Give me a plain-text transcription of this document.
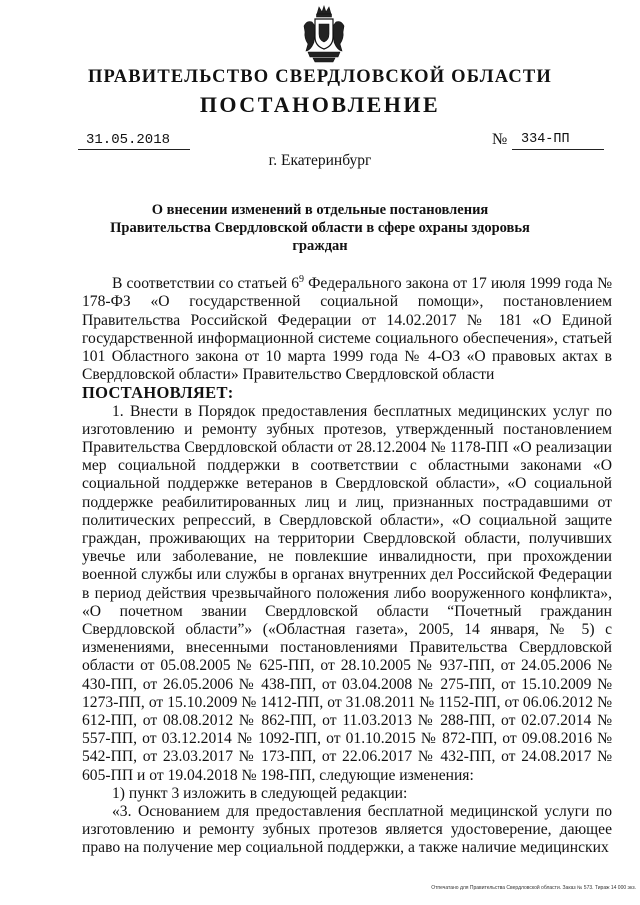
ПРАВИТЕЛЬСТВО СВЕРДЛОВСКОЙ ОБЛАСТИ
ПОСТАНОВЛЕНИЕ
31.05.2018	№ 334-ПП
г. Екатеринбург
О внесении изменений в отдельные постановления
Правительства Свердловской области в сфере охраны здоровья граждан

В соответствии со статьей $6^9$ Федерального закона от 17 июля 1999 года № 178-ФЗ «О государственной социальной помощи», постановлением Правительства Российской Федерации от 14.02.2017 № 181 «О Единой государственной информационной системе социального обеспечения», статьей 101 Областного закона от 10 марта 1999 года № 4-ОЗ «О правовых актах в Свердловской области» Правительство Свердловской области

ПОСТАНОВЛЯЕТ:

1. Внести в Порядок предоставления бесплатных медицинских услуг по изготовлению и ремонту зубных протезов, утвержденный постановлением Правительства Свердловской области от 28.12.2004 № 1178-ПП «О реализации мер социальной поддержки в соответствии с областными законами «О социальной поддержке ветеранов в Свердловской области», «О социальной поддержке реабилитированных лиц и лиц, признанных пострадавшими от политических репрессий, в Свердловской области», «О социальной защите граждан, проживающих на территории Свердловской области, получивших увечье или заболевание, не повлекшие инвалидности, при прохождении военной службы или службы в органах внутренних дел Российской Федерации в период действия чрезвычайного положения либо вооруженного конфликта», «О почетном звании Свердловской области “Почетный гражданин Свердловской области”» («Областная газета», 2005, 14 января, № 5) с изменениями, внесенными постановлениями Правительства Свердловской области от 05.08.2005 № 625-ПП, от 28.10.2005 № 937-ПП, от 24.05.2006 № 430-ПП, от 26.05.2006 № 438-ПП, от 03.04.2008 № 275-ПП, от 15.10.2009 № 1273-ПП, от 15.10.2009 № 1412-ПП, от 31.08.2011 № 1152-ПП, от 06.06.2012 № 612-ПП, от 08.08.2012 № 862-ПП, от 11.03.2013 № 288-ПП, от 02.07.2014 № 557-ПП, от 03.12.2014 № 1092-ПП, от 01.10.2015 № 872-ПП, от 09.08.2016 № 542-ПП, от 23.03.2017 № 173-ПП, от 22.06.2017 № 432-ПП, от 24.08.2017 № 605-ПП и от 19.04.2018 № 198-ПП, следующие изменения:

1) пункт 3 изложить в следующей редакции:

«3. Основанием для предоставления бесплатной медицинской услуги по изготовлению и ремонту зубных протезов является удостоверение, дающее право на получение мер социальной поддержки, а также наличие медицинских

Отпечатано для Правительства Свердловской области. Заказ № 573. Тираж 14 000 экз.
